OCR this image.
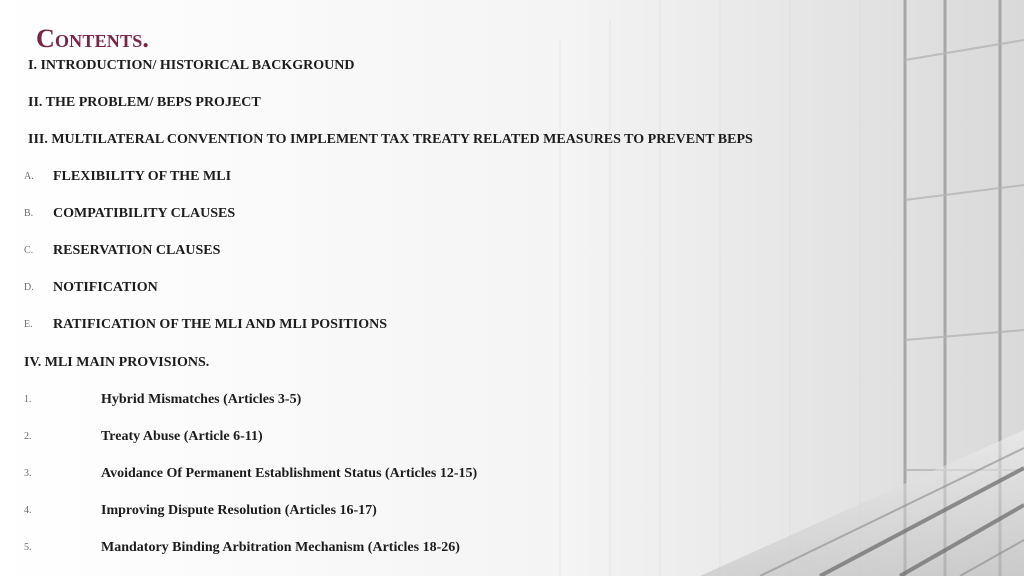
Contents.
I. INTRODUCTION/ HISTORICAL BACKGROUND
II. THE PROBLEM/ BEPS PROJECT
III. MULTILATERAL CONVENTION TO IMPLEMENT TAX TREATY RELATED MEASURES TO PREVENT BEPS
A. FLEXIBILITY OF THE MLI
B. COMPATIBILITY CLAUSES
C. RESERVATION CLAUSES
D. NOTIFICATION
E. RATIFICATION OF THE MLI AND MLI POSITIONS
IV. MLI MAIN PROVISIONS.
1.	Hybrid Mismatches (Articles 3-5)
2.	Treaty Abuse (Article 6-11)
3.	Avoidance Of Permanent Establishment Status (Articles 12-15)
4.	Improving Dispute Resolution (Articles 16-17)
5.	Mandatory Binding Arbitration Mechanism (Articles 18-26)
